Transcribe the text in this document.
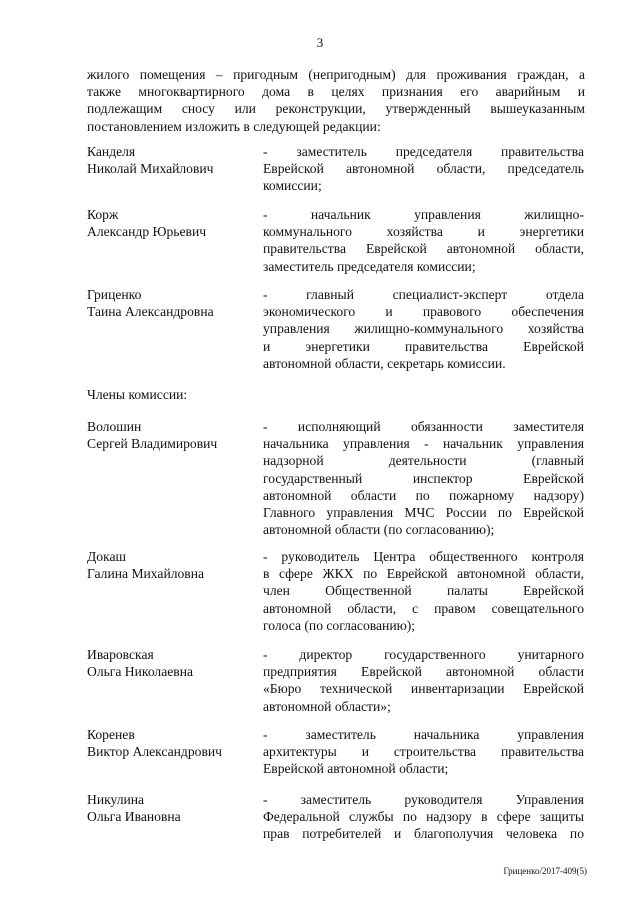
3

жилого помещения – пригодным (непригодным) для проживания граждан, а

также многоквартирного дома в целях признания его аварийным и

подлежащим сносу или реконструкции, утвержденный вышеуказанным

постановлением изложить в следующей редакции:

Канделя
Николай Михайлович
-    заместитель    председателя    правительства
Еврейской автономной области, председатель
комиссии;
Корж
Александр Юрьевич
-       начальник       управления       жилищно-
коммунального     хозяйства     и     энергетики
правительства Еврейской автономной области,
заместитель председателя комиссии;
Гриценко
Таина Александровна
-       главный       специалист-эксперт       отдела
экономического     и     правового     обеспечения
управления жилищно-коммунального хозяйства
и      энергетики      правительства      Еврейской
автономной области, секретарь комиссии.
Члены комиссии:
Волошин
Сергей Владимирович
-     исполняющий     обязанности     заместителя
начальника управления - начальник управления
надзорной            деятельности            (главный
государственный       инспектор       Еврейской
автономной области по пожарному надзору)
Главного управления МЧС России по Еврейской
автономной области (по согласованию);
Докаш
Галина Михайловна
- руководитель Центра общественного контроля
в сфере ЖКХ по Еврейской автономной области,
член       Общественной       палаты       Еврейской
автономной области, с правом совещательного
голоса (по согласованию);
Иваровская
Ольга Николаевна
-     директор     государственного     унитарного
предприятия Еврейской автономной области
«Бюро технической инвентаризации Еврейской
автономной области»;
Коренев
Виктор Александрович
-       заместитель       начальника       управления
архитектуры  и  строительства  правительства
Еврейской автономной области;
Никулина
Ольга Ивановна
-     заместитель     руководителя     Управления
Федеральной службы по надзору в сфере защиты
прав потребителей и благополучия человека по
Гриценко/2017-409(5)
